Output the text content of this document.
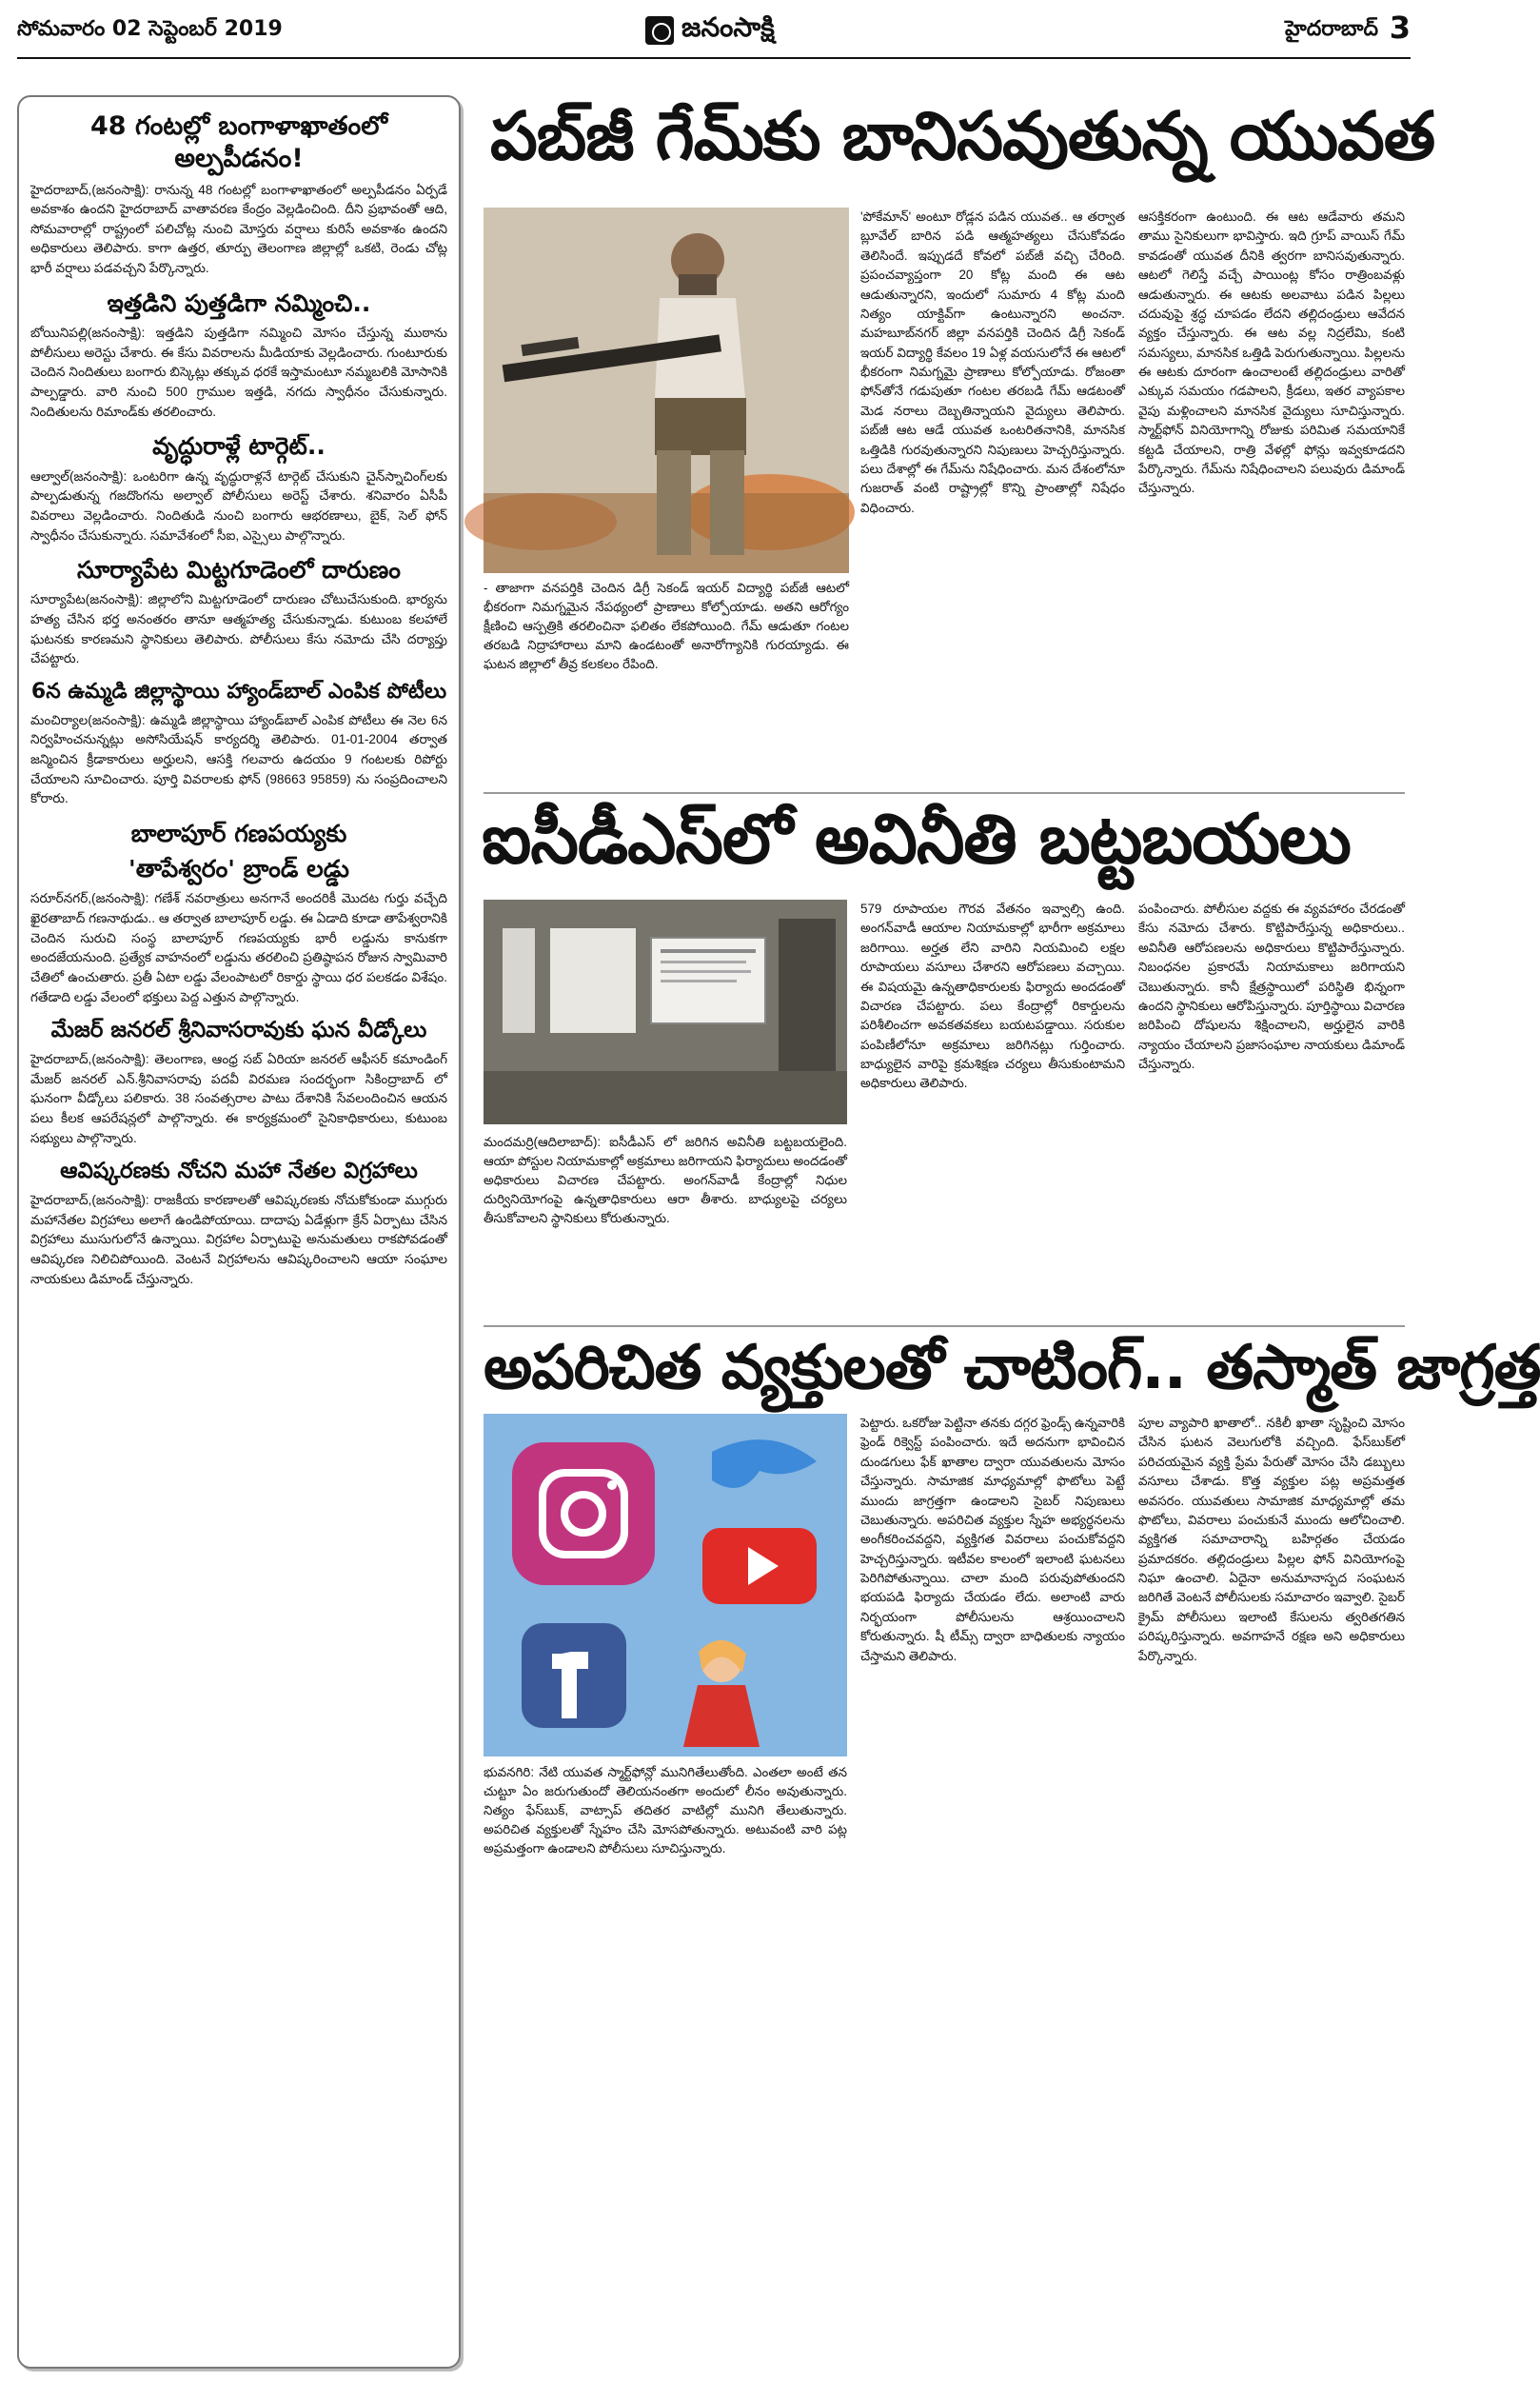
సోమవారం 02 సెప్టెంబర్ 2019	జనంసాక్షి	హైదరాబాద్ 3
48 గంటల్లో బంగాళాఖాతంలో అల్పపీడనం!
హైదరాబాద్,(జనంసాక్షి): రానున్న 48 గంటల్లో బంగాళాఖాతంలో అల్పపీడనం ఏర్పడే అవకాశం ఉందని హైదరాబాద్ వాతావరణ కేంద్రం వెల్లడించింది. దీని ప్రభావంతో ఆది, సోమవారాల్లో రాష్ట్రంలో పలిచోట్ల నుంచి మోస్తరు వర్షాలు కురిసే అవకాశం ఉందని అధికారులు తెలిపారు. కాగా ఉత్తర, తూర్పు తెలంగాణ జిల్లాల్లో ఒకటి, రెండు చోట్ల భారీ వర్షాలు పడవచ్చని పేర్కొన్నారు.
ఇత్తడిని పుత్తడిగా నమ్మించి..
బోయినిపల్లి(జనంసాక్షి): ఇత్తడిని పుత్తడిగా నమ్మించి మోసం చేస్తున్న ముఠాను పోలీసులు అరెస్టు చేశారు. ఈ కేసు వివరాలను మీడియాకు వెల్లడించారు. గుంటూరుకు చెందిన నిందితులు బంగారు బిస్కెట్లు తక్కువ ధరకే ఇస్తామంటూ నమ్మబలికి మోసానికి పాల్పడ్డారు. వారి నుంచి 500 గ్రాముల ఇత్తడి, నగదు స్వాధీనం చేసుకున్నారు. నిందితులను రిమాండ్‌కు తరలించారు.
వృద్ధురాళ్లే టార్గెట్..
ఆల్వాల్(జనంసాక్షి): ఒంటరిగా ఉన్న వృద్ధురాళ్లనే టార్గెట్ చేసుకుని చైన్‌స్నాచింగ్‌లకు పాల్పడుతున్న గజదొంగను అల్వాల్ పోలీసులు అరెస్ట్ చేశారు. శనివారం ఏసీపీ వివరాలు వెల్లడించారు. నిందితుడి నుంచి బంగారు ఆభరణాలు, బైక్, సెల్ ఫోన్ స్వాధీనం చేసుకున్నారు. సమావేశంలో సీఐ, ఎస్సైలు పాల్గొన్నారు.
సూర్యాపేట మిట్టగూడెంలో దారుణం
సూర్యాపేట(జనంసాక్షి): జిల్లాలోని మిట్టగూడెంలో దారుణం చోటుచేసుకుంది. భార్యను హత్య చేసిన భర్త అనంతరం తానూ ఆత్మహత్య చేసుకున్నాడు. కుటుంబ కలహాలే ఘటనకు కారణమని స్థానికులు తెలిపారు. పోలీసులు కేసు నమోదు చేసి దర్యాప్తు చేపట్టారు.
6న ఉమ్మడి జిల్లాస్థాయి హ్యాండ్‌బాల్ ఎంపిక పోటీలు
మంచిర్యాల(జనంసాక్షి): ఉమ్మడి జిల్లాస్థాయి హ్యాండ్‌బాల్ ఎంపిక పోటీలు ఈ నెల 6న నిర్వహించనున్నట్లు అసోసియేషన్ కార్యదర్శి తెలిపారు. 01-01-2004 తర్వాత జన్మించిన క్రీడాకారులు అర్హులని, ఆసక్తి గలవారు ఉదయం 9 గంటలకు రిపోర్టు చేయాలని సూచించారు. పూర్తి వివరాలకు ఫోన్ (98663 95859) ను సంప్రదించాలని కోరారు.
బాలాపూర్ గణపయ్యకు
'తాపేశ్వరం' బ్రాండ్ లడ్డు
సరూర్‌నగర్,(జనంసాక్షి): గణేశ్ నవరాత్రులు అనగానే అందరికీ మొదట గుర్తు వచ్చేది ఖైరతాబాద్ గణనాథుడు.. ఆ తర్వాత బాలాపూర్ లడ్డు. ఈ ఏడాది కూడా తాపేశ్వరానికి చెందిన సురుచి సంస్థ బాలాపూర్ గణపయ్యకు భారీ లడ్డును కానుకగా అందజేయనుంది. ప్రత్యేక వాహనంలో లడ్డును తరలించి ప్రతిష్ఠాపన రోజున స్వామివారి చేతిలో ఉంచుతారు. ప్రతీ ఏటా లడ్డు వేలంపాటలో రికార్డు స్థాయి ధర పలకడం విశేషం. గతేడాది లడ్డు వేలంలో భక్తులు పెద్ద ఎత్తున పాల్గొన్నారు.
మేజర్ జనరల్ శ్రీనివాసరావుకు ఘన వీడ్కోలు
హైదరాబాద్,(జనంసాక్షి): తెలంగాణ, ఆంధ్ర సబ్ ఏరియా జనరల్ ఆఫీసర్ కమాండింగ్ మేజర్ జనరల్ ఎన్.శ్రీనివాసరావు పదవీ విరమణ సందర్భంగా సికింద్రాబాద్ లో ఘనంగా వీడ్కోలు పలికారు. 38 సంవత్సరాల పాటు దేశానికి సేవలందించిన ఆయన పలు కీలక ఆపరేషన్లలో పాల్గొన్నారు. ఈ కార్యక్రమంలో సైనికాధికారులు, కుటుంబ సభ్యులు పాల్గొన్నారు.
ఆవిష్కరణకు నోచని మహా నేతల విగ్రహాలు
హైదరాబాద్,(జనంసాక్షి): రాజకీయ కారణాలతో ఆవిష్కరణకు నోచుకోకుండా ముగ్గురు మహానేతల విగ్రహాలు అలాగే ఉండిపోయాయి. దాదాపు ఏడేళ్లుగా క్రేన్ ఏర్పాటు చేసిన విగ్రహాలు ముసుగులోనే ఉన్నాయి. విగ్రహాల ఏర్పాటుపై అనుమతులు రాకపోవడంతో ఆవిష్కరణ నిలిచిపోయింది. వెంటనే విగ్రహాలను ఆవిష్కరించాలని ఆయా సంఘాల నాయకులు డిమాండ్ చేస్తున్నారు.
పబ్‌జీ గేమ్‌కు బానిసవుతున్న యువత
- తాజాగా వనపర్తికి చెందిన డిగ్రీ సెకండ్ ఇయర్ విద్యార్థి పబ్‌జీ ఆటలో భీకరంగా నిమగ్నమైన నేపథ్యంలో ప్రాణాలు కోల్పోయాడు. అతని ఆరోగ్యం క్షీణించి ఆస్పత్రికి తరలించినా ఫలితం లేకపోయింది. గేమ్ ఆడుతూ గంటల తరబడి నిద్రాహారాలు మాని ఉండటంతో అనారోగ్యానికి గురయ్యాడు. ఈ ఘటన జిల్లాలో తీవ్ర కలకలం రేపింది.
'పోకేమాన్' అంటూ రోడ్లన పడిన యువత.. ఆ తర్వాత బ్లూవేల్ బారిన పడి ఆత్మహత్యలు చేసుకోవడం తెలిసిందే. ఇప్పుడదే కోవలో పబ్‌జీ వచ్చి చేరింది. ప్రపంచవ్యాప్తంగా 20 కోట్ల మంది ఈ ఆట ఆడుతున్నారని, ఇందులో సుమారు 4 కోట్ల మంది నిత్యం యాక్టివ్‌గా ఉంటున్నారని అంచనా. మహబూబ్‌నగర్ జిల్లా వనపర్తికి చెందిన డిగ్రీ సెకండ్ ఇయర్ విద్యార్థి కేవలం 19 ఏళ్ల వయసులోనే ఈ ఆటలో భీకరంగా నిమగ్నమై ప్రాణాలు కోల్పోయాడు. రోజంతా ఫోన్‌తోనే గడుపుతూ గంటల తరబడి గేమ్ ఆడటంతో మెడ నరాలు దెబ్బతిన్నాయని వైద్యులు తెలిపారు. పబ్‌జీ ఆట ఆడే యువత ఒంటరితనానికి, మానసిక ఒత్తిడికి గురవుతున్నారని నిపుణులు హెచ్చరిస్తున్నారు. పలు దేశాల్లో ఈ గేమ్‌ను నిషేధించారు. మన దేశంలోనూ గుజరాత్ వంటి రాష్ట్రాల్లో కొన్ని ప్రాంతాల్లో నిషేధం విధించారు.
ఆసక్తికరంగా ఉంటుంది. ఈ ఆట ఆడేవారు తమని తాము సైనికులుగా భావిస్తారు. ఇది గ్రూప్ వాయిస్ గేమ్ కావడంతో యువత దీనికి త్వరగా బానిసవుతున్నారు. ఆటలో గెలిస్తే వచ్చే పాయింట్ల కోసం రాత్రింబవళ్లు ఆడుతున్నారు. ఈ ఆటకు అలవాటు పడిన పిల్లలు చదువుపై శ్రద్ధ చూపడం లేదని తల్లిదండ్రులు ఆవేదన వ్యక్తం చేస్తున్నారు. ఈ ఆట వల్ల నిద్రలేమి, కంటి సమస్యలు, మానసిక ఒత్తిడి పెరుగుతున్నాయి. పిల్లలను ఈ ఆటకు దూరంగా ఉంచాలంటే తల్లిదండ్రులు వారితో ఎక్కువ సమయం గడపాలని, క్రీడలు, ఇతర వ్యాపకాల వైపు మళ్లించాలని మానసిక వైద్యులు సూచిస్తున్నారు. స్మార్ట్‌ఫోన్ వినియోగాన్ని రోజుకు పరిమిత సమయానికే కట్టడి చేయాలని, రాత్రి వేళల్లో ఫోన్లు ఇవ్వకూడదని పేర్కొన్నారు. గేమ్‌ను నిషేధించాలని పలువురు డిమాండ్ చేస్తున్నారు.
ఐసీడీఎస్‌లో అవినీతి బట్టబయలు
మందమర్రి(ఆదిలాబాద్): ఐసీడీఎస్ లో జరిగిన అవినీతి బట్టబయలైంది. ఆయా పోస్టుల నియామకాల్లో అక్రమాలు జరిగాయని ఫిర్యాదులు అందడంతో అధికారులు విచారణ చేపట్టారు. అంగన్‌వాడీ కేంద్రాల్లో నిధుల దుర్వినియోగంపై ఉన్నతాధికారులు ఆరా తీశారు. బాధ్యులపై చర్యలు తీసుకోవాలని స్థానికులు కోరుతున్నారు.
579 రూపాయల గౌరవ వేతనం ఇవ్వాల్సి ఉంది. అంగన్‌వాడీ ఆయాల నియామకాల్లో భారీగా అక్రమాలు జరిగాయి. అర్హత లేని వారిని నియమించి లక్షల రూపాయలు వసూలు చేశారని ఆరోపణలు వచ్చాయి. ఈ విషయమై ఉన్నతాధికారులకు ఫిర్యాదు అందడంతో విచారణ చేపట్టారు. పలు కేంద్రాల్లో రికార్డులను పరిశీలించగా అవకతవకలు బయటపడ్డాయి. సరుకుల పంపిణీలోనూ అక్రమాలు జరిగినట్లు గుర్తించారు. బాధ్యులైన వారిపై క్రమశిక్షణ చర్యలు తీసుకుంటామని అధికారులు తెలిపారు.
పంపించారు. పోలీసుల వద్దకు ఈ వ్యవహారం చేరడంతో కేసు నమోదు చేశారు. కొట్టిపారేస్తున్న అధికారులు.. అవినీతి ఆరోపణలను అధికారులు కొట్టిపారేస్తున్నారు. నిబంధనల ప్రకారమే నియామకాలు జరిగాయని చెబుతున్నారు. కానీ క్షేత్రస్థాయిలో పరిస్థితి భిన్నంగా ఉందని స్థానికులు ఆరోపిస్తున్నారు. పూర్తిస్థాయి విచారణ జరిపించి దోషులను శిక్షించాలని, అర్హులైన వారికి న్యాయం చేయాలని ప్రజాసంఘాల నాయకులు డిమాండ్ చేస్తున్నారు.
అపరిచిత వ్యక్తులతో చాటింగ్.. తస్మాత్ జాగ్రత్త
భువనగిరి: నేటి యువత స్మార్ట్‌ఫోన్లో మునిగితేలుతోంది. ఎంతలా అంటే తన చుట్టూ ఏం జరుగుతుందో తెలియనంతగా అందులో లీనం అవుతున్నారు. నిత్యం ఫేస్‌బుక్, వాట్సాప్ తదితర వాటిల్లో మునిగి తేలుతున్నారు. అపరిచిత వ్యక్తులతో స్నేహం చేసి మోసపోతున్నారు. అటువంటి వారి పట్ల అప్రమత్తంగా ఉండాలని పోలీసులు సూచిస్తున్నారు.
పెట్టారు. ఒకరోజు పెట్టినా తనకు దగ్గర ఫ్రెండ్స్ ఉన్నవారికి ఫ్రెండ్ రిక్వెస్ట్ పంపించారు. ఇదే అదనుగా భావించిన దుండగులు ఫేక్ ఖాతాల ద్వారా యువతులను మోసం చేస్తున్నారు. సామాజిక మాధ్యమాల్లో ఫొటోలు పెట్టే ముందు జాగ్రత్తగా ఉండాలని సైబర్ నిపుణులు చెబుతున్నారు. అపరిచిత వ్యక్తుల స్నేహ అభ్యర్థనలను అంగీకరించవద్దని, వ్యక్తిగత వివరాలు పంచుకోవద్దని హెచ్చరిస్తున్నారు. ఇటీవల కాలంలో ఇలాంటి ఘటనలు పెరిగిపోతున్నాయి. చాలా మంది పరువుపోతుందని భయపడి ఫిర్యాదు చేయడం లేదు. అలాంటి వారు నిర్భయంగా పోలీసులను ఆశ్రయించాలని కోరుతున్నారు. షీ టీమ్స్ ద్వారా బాధితులకు న్యాయం చేస్తామని తెలిపారు.
పూల వ్యాపారి ఖాతాలో.. నకిలీ ఖాతా సృష్టించి మోసం చేసిన ఘటన వెలుగులోకి వచ్చింది. ఫేస్‌బుక్‌లో పరిచయమైన వ్యక్తి ప్రేమ పేరుతో మోసం చేసి డబ్బులు వసూలు చేశాడు. కొత్త వ్యక్తుల పట్ల అప్రమత్తత అవసరం. యువతులు సామాజిక మాధ్యమాల్లో తమ ఫొటోలు, వివరాలు పంచుకునే ముందు ఆలోచించాలి. వ్యక్తిగత సమాచారాన్ని బహిర్గతం చేయడం ప్రమాదకరం. తల్లిదండ్రులు పిల్లల ఫోన్ వినియోగంపై నిఘా ఉంచాలి. ఏదైనా అనుమానాస్పద సంఘటన జరిగితే వెంటనే పోలీసులకు సమాచారం ఇవ్వాలి. సైబర్ క్రైమ్ పోలీసులు ఇలాంటి కేసులను త్వరితగతిన పరిష్కరిస్తున్నారు. అవగాహనే రక్షణ అని అధికారులు పేర్కొన్నారు.
